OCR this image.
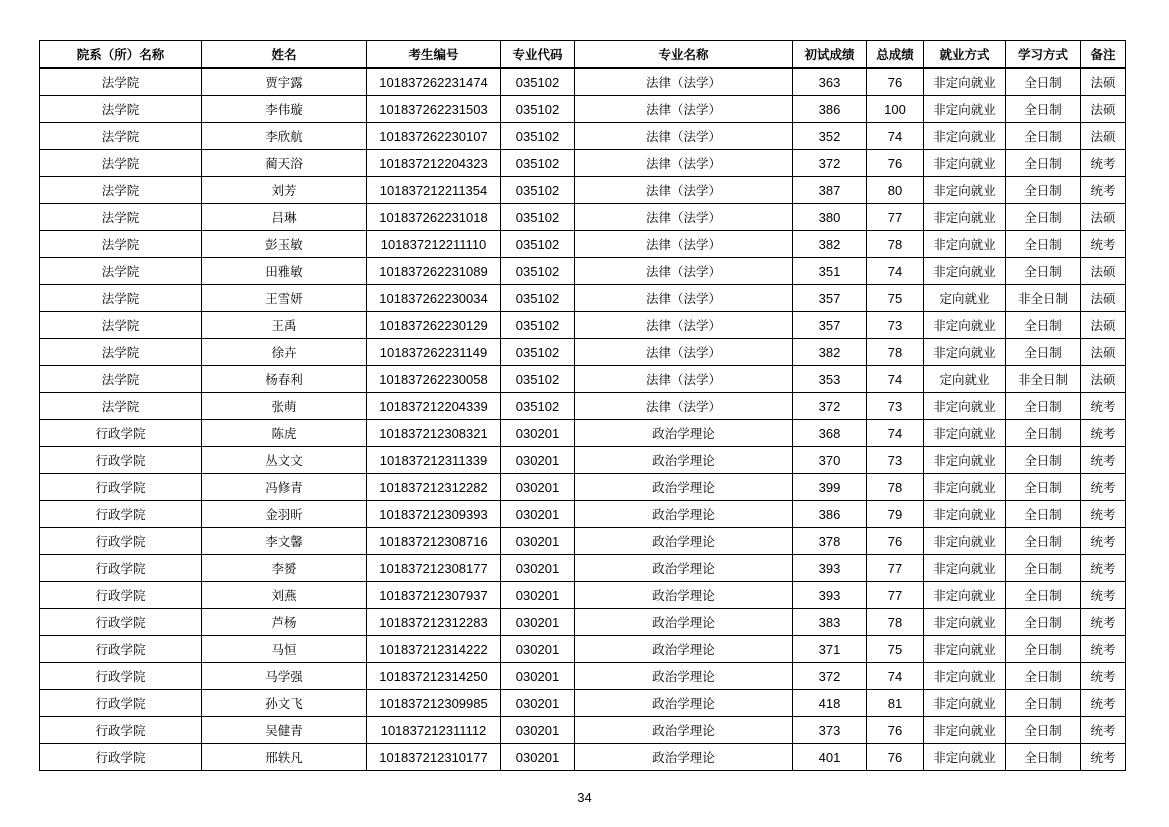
院系（所）名称	姓名	考生编号	专业代码	专业名称	初试成绩	总成绩	就业方式	学习方式	备注
法学院	贾宇露	101837262231474	035102	法律（法学）	363	76	非定向就业	全日制	法硕
法学院	李伟璇	101837262231503	035102	法律（法学）	386	100	非定向就业	全日制	法硕
法学院	李欣航	101837262230107	035102	法律（法学）	352	74	非定向就业	全日制	法硕
法学院	蔺天浴	101837212204323	035102	法律（法学）	372	76	非定向就业	全日制	统考
法学院	刘芳	101837212211354	035102	法律（法学）	387	80	非定向就业	全日制	统考
法学院	吕琳	101837262231018	035102	法律（法学）	380	77	非定向就业	全日制	法硕
法学院	彭玉敏	101837212211110	035102	法律（法学）	382	78	非定向就业	全日制	统考
法学院	田雅敏	101837262231089	035102	法律（法学）	351	74	非定向就业	全日制	法硕
法学院	王雪妍	101837262230034	035102	法律（法学）	357	75	定向就业	非全日制	法硕
法学院	王禹	101837262230129	035102	法律（法学）	357	73	非定向就业	全日制	法硕
法学院	徐卉	101837262231149	035102	法律（法学）	382	78	非定向就业	全日制	法硕
法学院	杨春利	101837262230058	035102	法律（法学）	353	74	定向就业	非全日制	法硕
法学院	张萌	101837212204339	035102	法律（法学）	372	73	非定向就业	全日制	统考
行政学院	陈虎	101837212308321	030201	政治学理论	368	74	非定向就业	全日制	统考
行政学院	丛文文	101837212311339	030201	政治学理论	370	73	非定向就业	全日制	统考
行政学院	冯修青	101837212312282	030201	政治学理论	399	78	非定向就业	全日制	统考
行政学院	金羽昕	101837212309393	030201	政治学理论	386	79	非定向就业	全日制	统考
行政学院	李文馨	101837212308716	030201	政治学理论	378	76	非定向就业	全日制	统考
行政学院	李赟	101837212308177	030201	政治学理论	393	77	非定向就业	全日制	统考
行政学院	刘燕	101837212307937	030201	政治学理论	393	77	非定向就业	全日制	统考
行政学院	芦杨	101837212312283	030201	政治学理论	383	78	非定向就业	全日制	统考
行政学院	马恒	101837212314222	030201	政治学理论	371	75	非定向就业	全日制	统考
行政学院	马学强	101837212314250	030201	政治学理论	372	74	非定向就业	全日制	统考
行政学院	孙文飞	101837212309985	030201	政治学理论	418	81	非定向就业	全日制	统考
行政学院	吴健青	101837212311112	030201	政治学理论	373	76	非定向就业	全日制	统考
行政学院	邢轶凡	101837212310177	030201	政治学理论	401	76	非定向就业	全日制	统考
34
